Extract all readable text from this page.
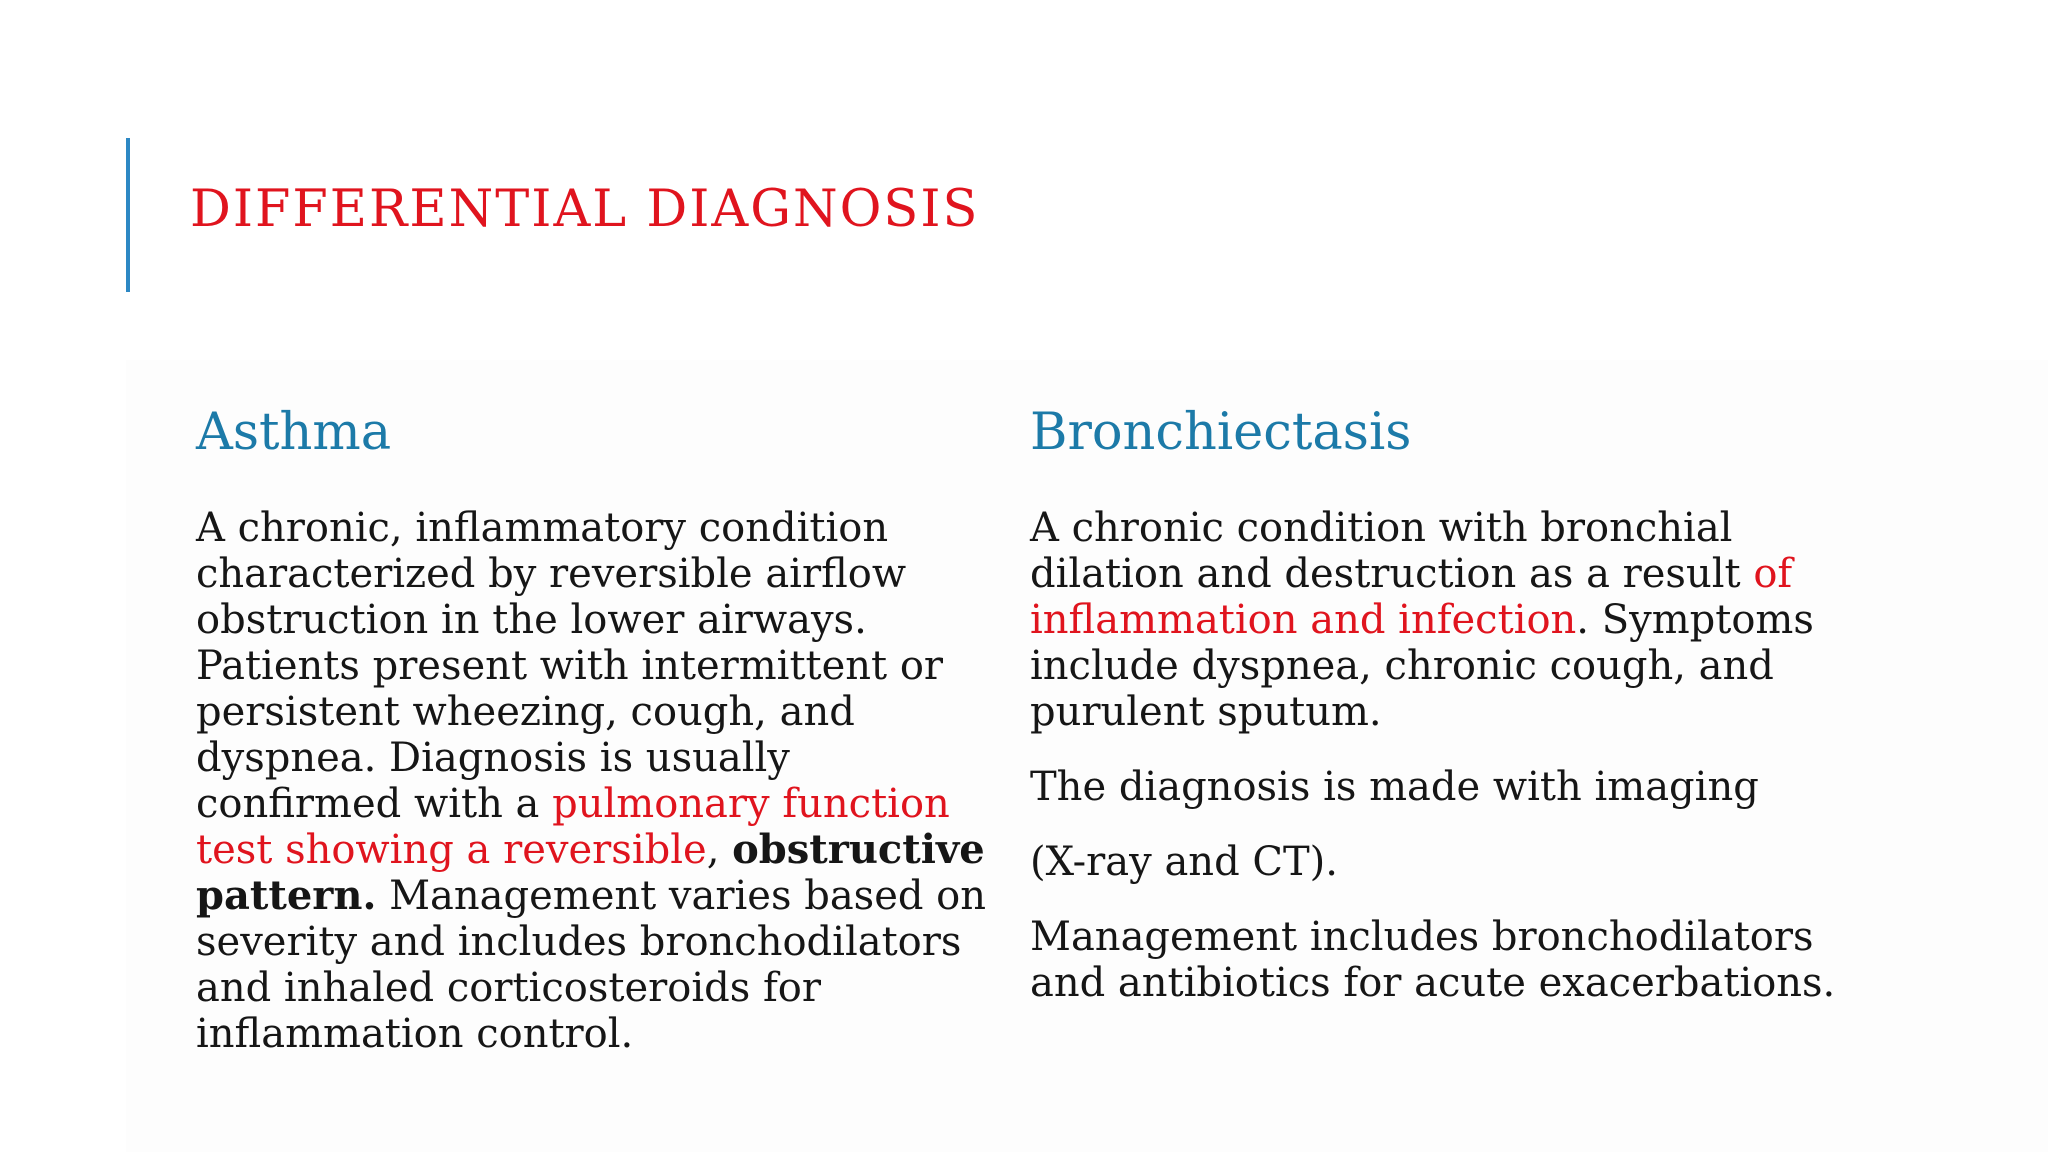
DIFFERENTIAL DIAGNOSIS
Asthma

A chronic, inflammatory condition
characterized by reversible airflow
obstruction in the lower airways.
Patients present with intermittent or
persistent wheezing, cough, and
dyspnea. Diagnosis is usually
confirmed with a pulmonary function
test showing a reversible, obstructive
pattern. Management varies based on
severity and includes bronchodilators
and inhaled corticosteroids for
inflammation control.

Bronchiectasis

A chronic condition with bronchial
dilation and destruction as a result of
inflammation and infection. Symptoms
include dyspnea, chronic cough, and
purulent sputum.

The diagnosis is made with imaging

(X-ray and CT).

Management includes bronchodilators
and antibiotics for acute exacerbations.
